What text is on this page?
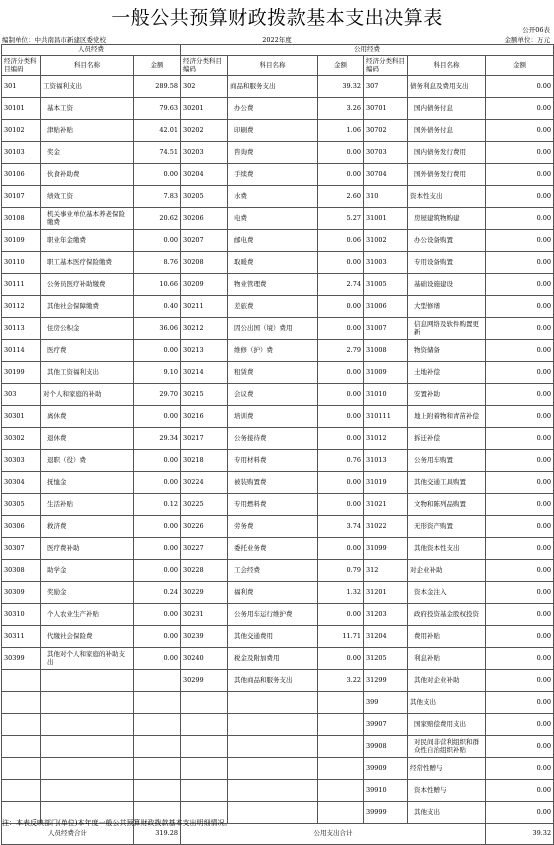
一般公共预算财政拨款基本支出决算表
公开06表
编制单位：中共南昌市新建区委党校	2022年度	金额单位：万元
人员经费			公用经费					
经济分类科目编码	科目名称	金额	经济分类科目编码	科目名称	金额	经济分类科目编码	科目名称	金额
301	工资福利支出	289.58	302	商品和服务支出	39.32	307	债务利息及费用支出	0.00
30101	基本工资	79.63	30201	办公费	3.26	30701	国内债务付息	0.00
30102	津贴补贴	42.01	30202	印刷费	1.06	30702	国外债务付息	0.00
30103	奖金	74.51	30203	咨询费	0.00	30703	国内债务发行费用	0.00
30106	伙食补助费	0.00	30204	手续费	0.00	30704	国外债务发行费用	0.00
30107	绩效工资	7.83	30205	水费	2.60	310	资本性支出	0.00
30108	机关事业单位基本养老保险缴费	20.62	30206	电费	5.27	31001	房屋建筑物购建	0.00
30109	职业年金缴费	0.00	30207	邮电费	0.06	31002	办公设备购置	0.00
30110	职工基本医疗保险缴费	8.76	30208	取暖费	0.00	31003	专用设备购置	0.00
30111	公务员医疗补助缴费	10.66	30209	物业管理费	2.74	31005	基础设施建设	0.00
30112	其他社会保障缴费	0.40	30211	差旅费	0.00	31006	大型修缮	0.00
30113	住房公积金	36.06	30212	因公出国（境）费用	0.00	31007	信息网络及软件购置更新	0.00
30114	医疗费	0.00	30213	维修（护）费	2.79	31008	物资储备	0.00
30199	其他工资福利支出	9.10	30214	租赁费	0.00	31009	土地补偿	0.00
303	对个人和家庭的补助	29.70	30215	会议费	0.00	31010	安置补助	0.00
30301	离休费	0.00	30216	培训费	0.00	310111	地上附着物和青苗补偿	0.00
30302	退休费	29.34	30217	公务接待费	0.00	31012	拆迁补偿	0.00
30303	退职（役）费	0.00	30218	专用材料费	0.76	31013	公务用车购置	0.00
30304	抚恤金	0.00	30224	被装购置费	0.00	31019	其他交通工具购置	0.00
30305	生活补贴	0.12	30225	专用燃料费	0.00	31021	文物和陈列品购置	0.00
30306	救济费	0.00	30226	劳务费	3.74	31022	无形资产购置	0.00
30307	医疗费补助	0.00	30227	委托业务费	0.00	31099	其他资本性支出	0.00
30308	助学金	0.00	30228	工会经费	0.79	312	对企业补助	0.00
30309	奖励金	0.24	30229	福利费	1.32	31201	资本金注入	0.00
30310	个人农业生产补贴	0.00	30231	公务用车运行维护费	0.00	31203	政府投资基金股权投资	0.00
30311	代缴社会保险费	0.00	30239	其他交通费用	11.71	31204	费用补贴	0.00
30399	其他对个人和家庭的补助支出	0.00	30240	税金及附加费用	0.00	31205	利息补贴	0.00
			30299	其他商品和服务支出	3.22	31299	其他对企业补助	0.00
						399	其他支出	0.00
						39907	国家赔偿费用支出	0.00
						39908	对民间非营利组织和群众性自治组织补贴	0.00
						39909	经常性赠与	0.00
						39910	资本性赠与	0.00
						39999	其他支出	0.00
人员经费合计		319.28	公用支出合计					39.32
注：本表反映部门(单位)本年度一般公共预算财政拨款基本支出明细情况。
